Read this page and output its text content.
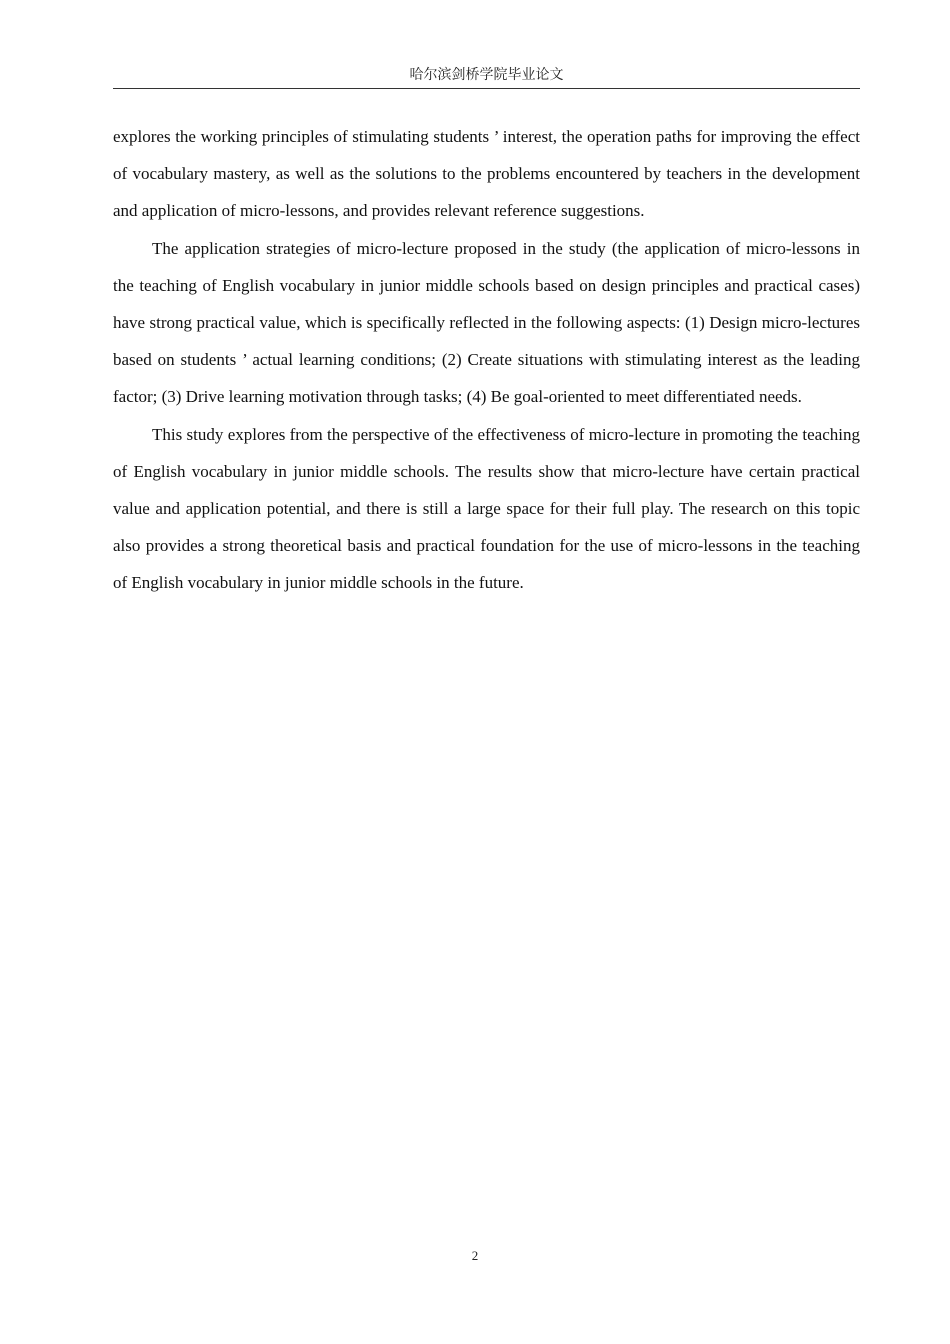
哈尔滨剑桥学院毕业论文

explores the working principles of stimulating students ’ interest, the operation paths for improving the effect of vocabulary mastery, as well as the solutions to the problems encountered by teachers in the development and application of micro-lessons, and provides relevant reference suggestions.

The application strategies of micro-lecture proposed in the study (the application of micro-lessons in the teaching of English vocabulary in junior middle schools based on design principles and practical cases) have strong practical value, which is specifically reflected in the following aspects: (1) Design micro-lectures based on students ’ actual learning conditions; (2) Create situations with stimulating interest as the leading factor; (3) Drive learning motivation through tasks; (4) Be goal-oriented to meet differentiated needs.

This study explores from the perspective of the effectiveness of micro-lecture in promoting the teaching of English vocabulary in junior middle schools. The results show that micro-lecture have certain practical value and application potential, and there is still a large space for their full play. The research on this topic also provides a strong theoretical basis and practical foundation for the use of micro-lessons in the teaching of English vocabulary in junior middle schools in the future.

2
